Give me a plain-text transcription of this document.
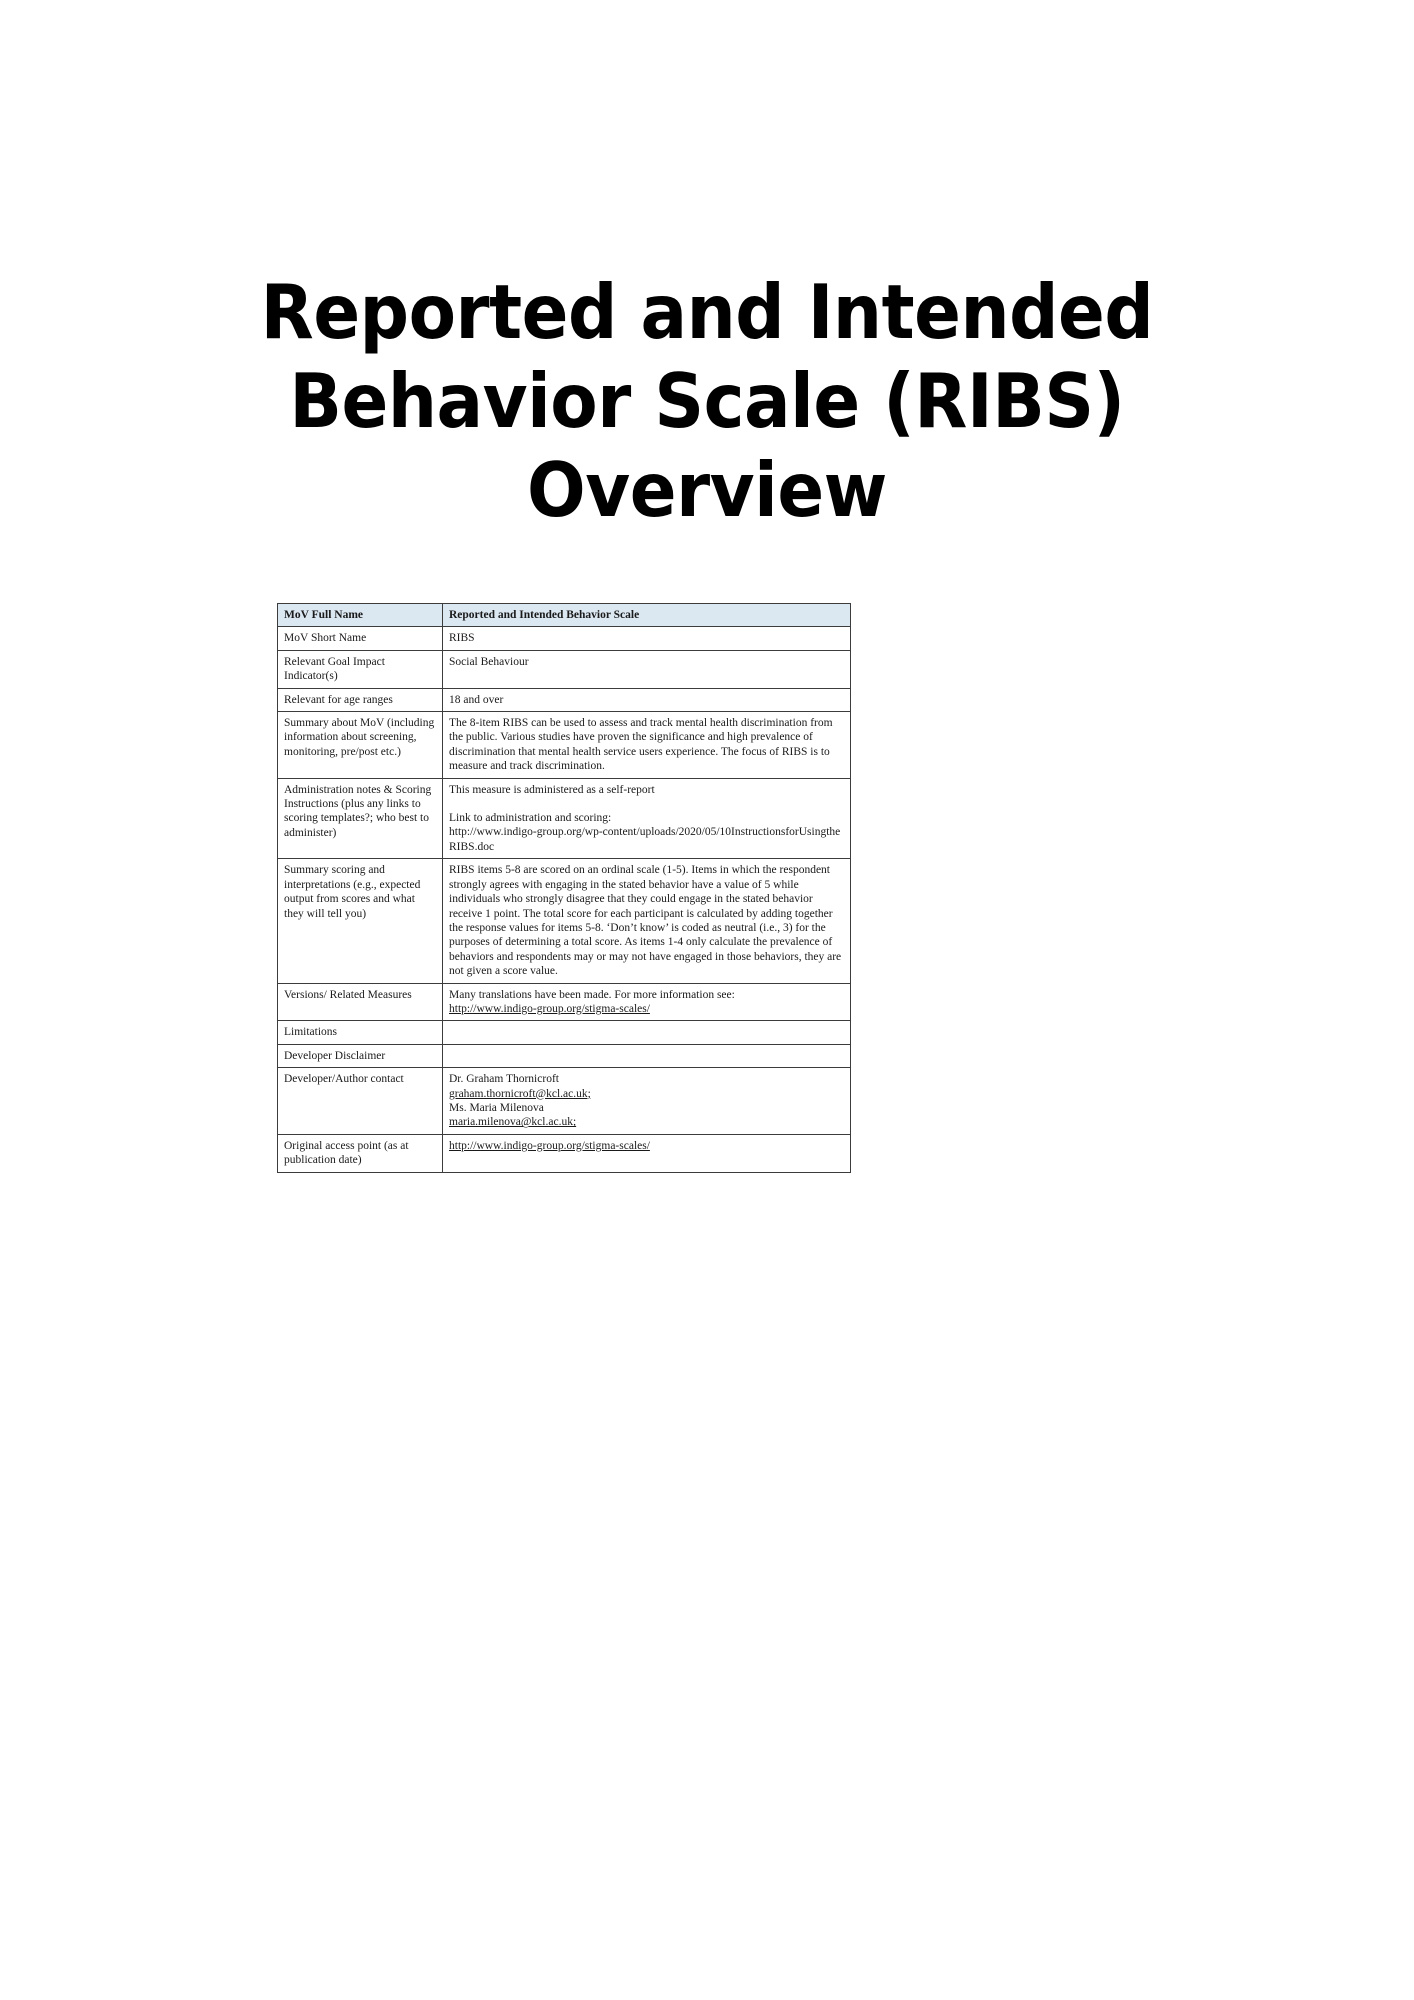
Reported and Intended
Behavior Scale (RIBS)
Overview
MoV Full Name	Reported and Intended Behavior Scale
MoV Short Name	RIBS
Relevant Goal Impact Indicator(s)	Social Behaviour
Relevant for age ranges	18 and over
Summary about MoV (including information about screening, monitoring, pre/post etc.)	The 8-item RIBS can be used to assess and track mental health discrimination from the public. Various studies have proven the significance and high prevalence of discrimination that mental health service users experience. The focus of RIBS is to measure and track discrimination.
Administration notes & Scoring Instructions (plus any links to scoring templates?; who best to administer)	This measure is administered as a self-report

Link to administration and scoring:
http://www.indigo-group.org/wp-content/uploads/2020/05/10InstructionsforUsingtheRIBS.doc

Summary scoring and interpretations (e.g., expected output from scores and what they will tell you)	RIBS items 5-8 are scored on an ordinal scale (1-5). Items in which the respondent strongly agrees with engaging in the stated behavior have a value of 5 while individuals who strongly disagree that they could engage in the stated behavior receive 1 point. The total score for each participant is calculated by adding together the response values for items 5-8. ‘Don’t know’ is coded as neutral (i.e., 3) for the purposes of determining a total score. As items 1-4 only calculate the prevalence of behaviors and respondents may or may not have engaged in those behaviors, they are not given a score value.
Versions/ Related Measures	Many translations have been made. For more information see:
http://www.indigo-group.org/stigma-scales/
Limitations	
Developer Disclaimer	
Developer/Author contact	Dr. Graham Thornicroft
graham.thornicroft@kcl.ac.uk;
Ms. Maria Milenova
maria.milenova@kcl.ac.uk;
Original access point (as at publication date)	http://www.indigo-group.org/stigma-scales/
